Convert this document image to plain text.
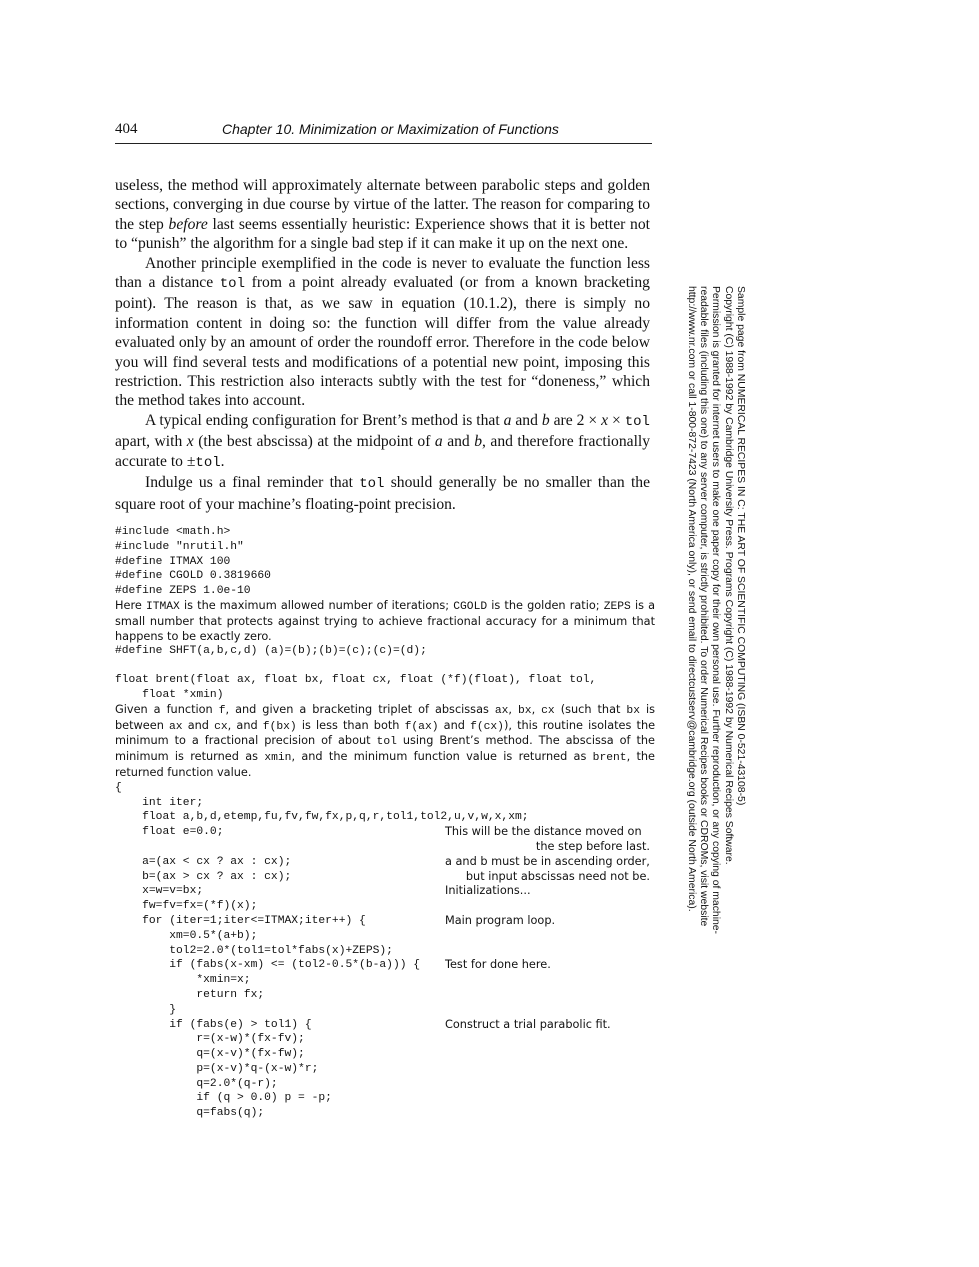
404	Chapter 10. Minimization or Maximization of Functions

useless, the method will approximately alternate between parabolic steps and golden sections, converging in due course by virtue of the latter. The reason for comparing to the step before last seems essentially heuristic: Experience shows that it is better not to “punish” the algorithm for a single bad step if it can make it up on the next one.

Another principle exemplified in the code is never to evaluate the function less than a distance tol from a point already evaluated (or from a known bracketing point). The reason is that, as we saw in equation (10.1.2), there is simply no information content in doing so: the function will differ from the value already evaluated only by an amount of order the roundoff error. Therefore in the code below you will find several tests and modifications of a potential new point, imposing this restriction. This restriction also interacts subtly with the test for “doneness,” which the method takes into account.

A typical ending configuration for Brent’s method is that a and b are 2 × x × tol apart, with x (the best abscissa) at the midpoint of a and b, and therefore fractionally accurate to ±tol.

Indulge us a final reminder that tol should generally be no smaller than the square root of your machine’s floating-point precision.

#include <math.h>
#include "nrutil.h"
#define ITMAX 100
#define CGOLD 0.3819660
#define ZEPS 1.0e-10

Here ITMAX is the maximum allowed number of iterations; CGOLD is the golden ratio; ZEPS is a small number that protects against trying to achieve fractional accuracy for a minimum that happens to be exactly zero.

#define SHFT(a,b,c,d) (a)=(b);(b)=(c);(c)=(d);
float brent(float ax, float bx, float cx, float (*f)(float), float tol,
float *xmin)

Given a function f, and given a bracketing triplet of abscissas ax, bx, cx (such that bx is between ax and cx, and f(bx) is less than both f(ax) and f(cx)), this routine isolates the minimum to a fractional precision of about tol using Brent’s method. The abscissa of the minimum is returned as xmin, and the minimum function value is returned as brent, the returned function value.

{
int iter;
float a,b,d,etemp,fu,fv,fw,fx,p,q,r,tol1,tol2,u,v,w,x,xm;
float e=0.0;	This will be the distance moved on
the step before last.
a=(ax < cx ? ax : cx);	a and b must be in ascending order,
b=(ax > cx ? ax : cx);	but input abscissas need not be.
x=w=v=bx;	Initializations...
fw=fv=fx=(*f)(x);
for (iter=1;iter<=ITMAX;iter++) {	Main program loop.
xm=0.5*(a+b);
tol2=2.0*(tol1=tol*fabs(x)+ZEPS);
if (fabs(x-xm) <= (tol2-0.5*(b-a))) { Test for done here.
*xmin=x;
return fx;
}
if (fabs(e) > tol1) {	Construct a trial parabolic fit.
r=(x-w)*(fx-fv);
q=(x-v)*(fx-fw);
p=(x-v)*q-(x-w)*r;
q=2.0*(q-r);
if (q > 0.0) p = -p;
q=fabs(q);
Sample page from NUMERICAL RECIPES IN C: THE ART OF SCIENTIFIC COMPUTING (ISBN 0-521-43108-5)
Copyright (C) 1988-1992 by Cambridge University Press. Programs Copyright (C) 1988-1992 by Numerical Recipes Software.
Permission is granted for internet users to make one paper copy for their own personal use. Further reproduction, or any copying of machine-
readable files (including this one) to any server computer, is strictly prohibited. To order Numerical Recipes books or CDROMs, visit website
http://www.nr.com or call 1-800-872-7423 (North America only), or send email to directcustserv@cambridge.org (outside North America).
